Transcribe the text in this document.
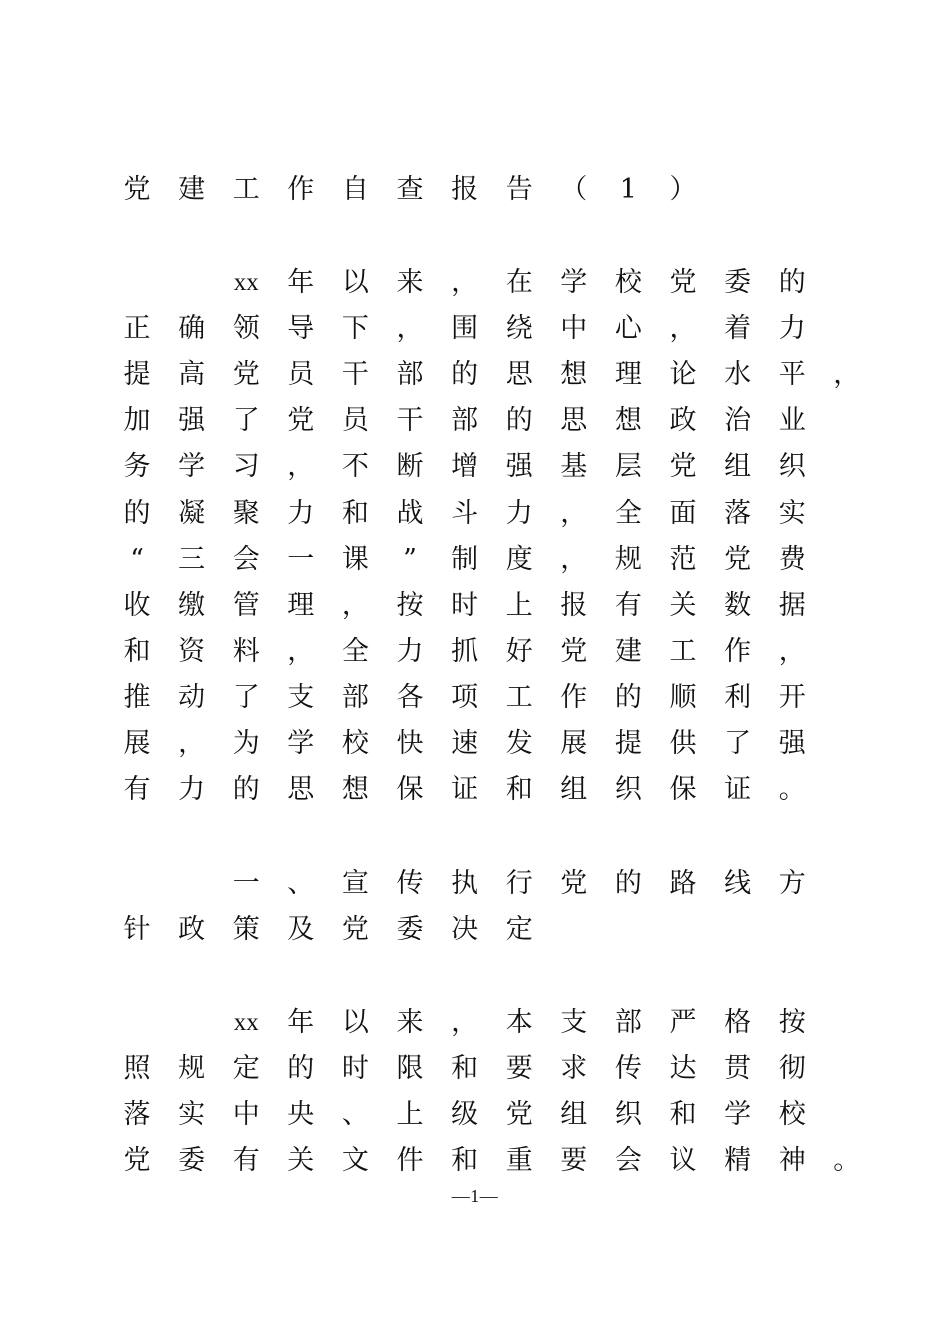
党 建 工 作 自 查 报 告 （ 1 ）
xx 年 以 来 ， 在 学 校 党 委 的
正 确 领 导 下 ， 围 绕 中 心 ， 着 力
提 高 党 员 干 部 的 思 想 理 论 水 平 ，
加 强 了 党 员 干 部 的 思 想 政 治 业
务 学 习 ， 不 断 增 强 基 层 党 组 织
的 凝 聚 力 和 战 斗 力 ， 全 面 落 实
“ 三 会 一 课 ” 制 度 ， 规 范 党 费
收 缴 管 理 ， 按 时 上 报 有 关 数 据
和 资 料 ， 全 力 抓 好 党 建 工 作 ，
推 动 了 支 部 各 项 工 作 的 顺 利 开
展 ， 为 学 校 快 速 发 展 提 供 了 强
有 力 的 思 想 保 证 和 组 织 保 证 。
一 、 宣 传 执 行 党 的 路 线 方
针 政 策 及 党 委 决 定
xx 年 以 来 ， 本 支 部 严 格 按
照 规 定 的 时 限 和 要 求 传 达 贯 彻
落 实 中 央 、 上 级 党 组 织 和 学 校
党 委 有 关 文 件 和 重 要 会 议 精 神 。
—1—
